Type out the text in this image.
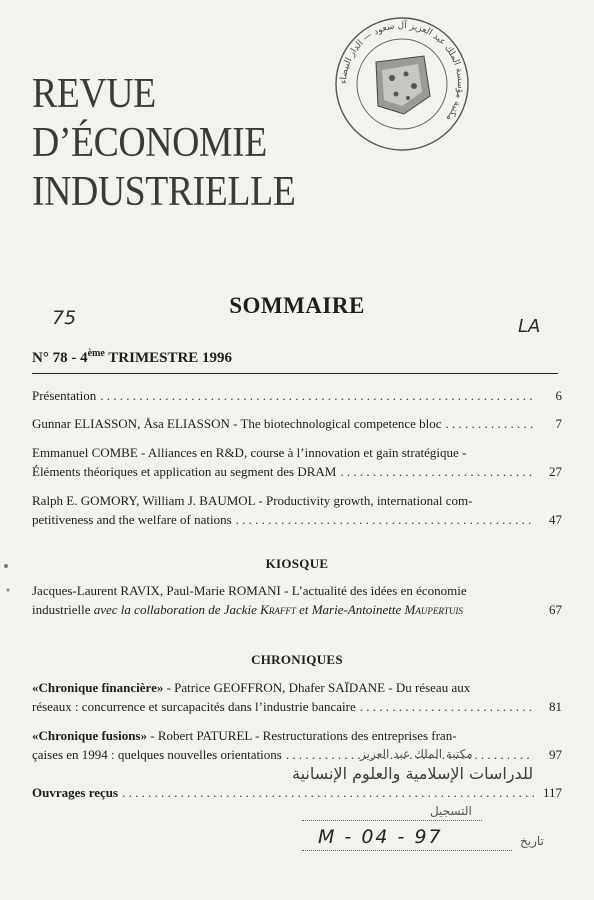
REVUE
D’ÉCONOMIE
INDUSTRIELLE
مكتبة مؤسسة الملك عبد العزيز آل سعود — الدار البيضاء
75	LA
SOMMAIRE
N° 78 - 4ème TRIMESTRE 1996
Présentation . . .	6
Gunnar ELIASSON, Åsa ELIASSON - The biotechnological competence bloc . . .	7
Emmanuel COMBE - Alliances en R&D, course à l’innovation et gain stratégique -
Éléments théoriques et application au segment des DRAM . . .	27
Ralph E. GOMORY, William J. BAUMOL - Productivity growth, international com-
petitiveness and the welfare of nations . . .	47
KIOSQUE
Jacques-Laurent RAVIX, Paul-Marie ROMANI - L’actualité des idées en économie
industrielle avec la collaboration de Jackie Krafft et Marie-Antoinette Maupertuis	67
CHRONIQUES
«Chronique financière» - Patrice GEOFFRON, Dhafer SAÏDANE - Du réseau aux
réseaux : concurrence et surcapacités dans l’industrie bancaire . . .	81
«Chronique fusions» - Robert PATUREL - Restructurations des entreprises fran-
çaises en 1994 : quelques nouvelles orientations . . .	97
Ouvrages reçus . . .	117
مكتبة الملك عبد العزيز
للدراسات الإسلامية والعلوم الإنسانية
التسجيل
تاريخ
M - 04 - 97
